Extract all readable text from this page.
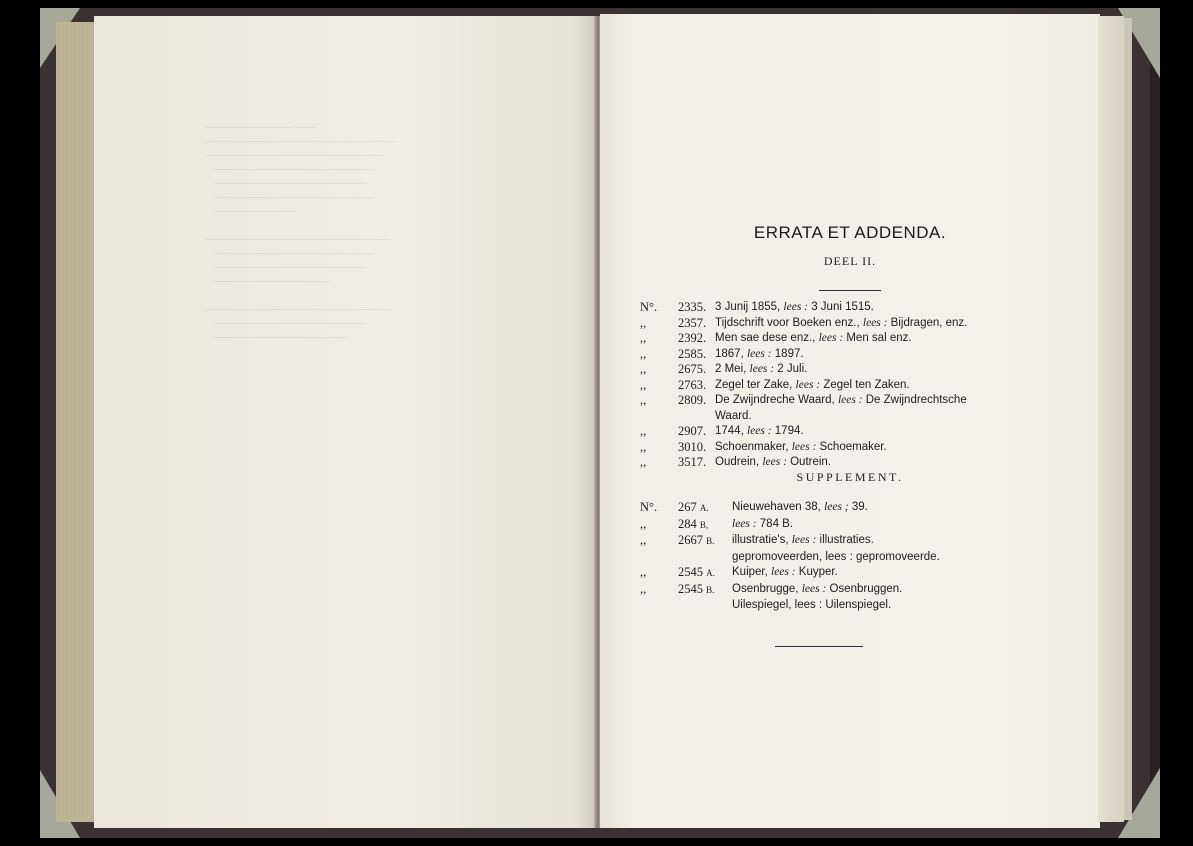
────────────── ───
──────────────────────────────
────────────────────────────
─────────────────────────
────────────────────────
─────────────────────────
─────────────

─────────────────────────────
─────────────────────────
────────────────────────
──────────────────

─────────────────────────────
────────────────────────
─────────────────────
ERRATA ET ADDENDA.
DEEL II.
N°.	2335. 3 Junij 1855, lees : 3 Juni 1515.
,,	2357. Tijdschrift voor Boeken enz., lees : Bijdragen, enz.
,,	2392. Men sae dese enz., lees : Men sal enz.
,,	2585. 1867, lees : 1897.
,,	2675. 2 Mei, lees : 2 Juli.
,,	2763. Zegel ter Zake, lees : Zegel ten Zaken.
,,	2809. De Zwijndreche Waard, lees : De Zwijndrechtsche Waard.
,,	2907. 1744, lees : 1794.
,,	3010. Schoenmaker, lees : Schoemaker.
,,	3517. Oudrein, lees : Outrein.
SUPPLEMENT.
N°.	267 A.	Nieuwehaven 38, lees ; 39.
,,	284 B,	lees : 784 B.
,,	2667 B.	illustratie's, lees : illustraties.
gepromoveerden, lees : gepromoveerde.
,,	2545 A.	Kuiper, lees : Kuyper.
,,	2545 B.	Osenbrugge, lees : Osenbruggen.
Uilespiegel, lees : Uilenspiegel.
